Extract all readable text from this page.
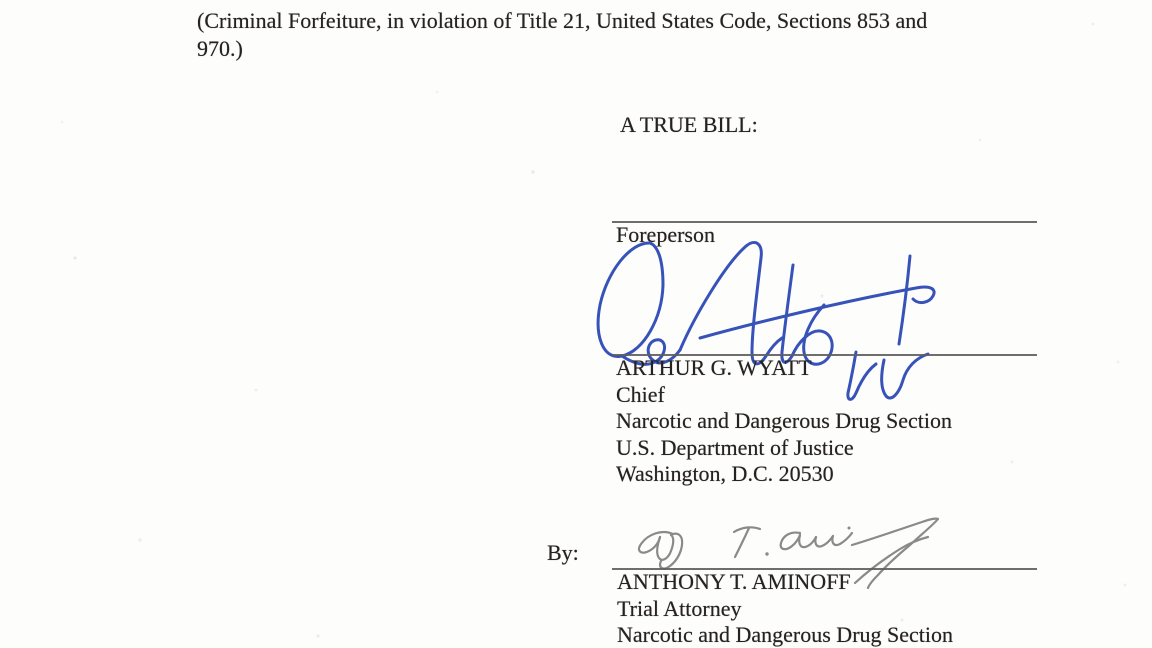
(Criminal Forfeiture, in violation of Title 21, United States Code, Sections 853 and
970.)
A TRUE BILL:
Foreperson
ARTHUR G. WYATT
Chief
Narcotic and Dangerous Drug Section
U.S. Department of Justice
Washington, D.C. 20530
By:
ANTHONY T. AMINOFF
Trial Attorney
Narcotic and Dangerous Drug Section
